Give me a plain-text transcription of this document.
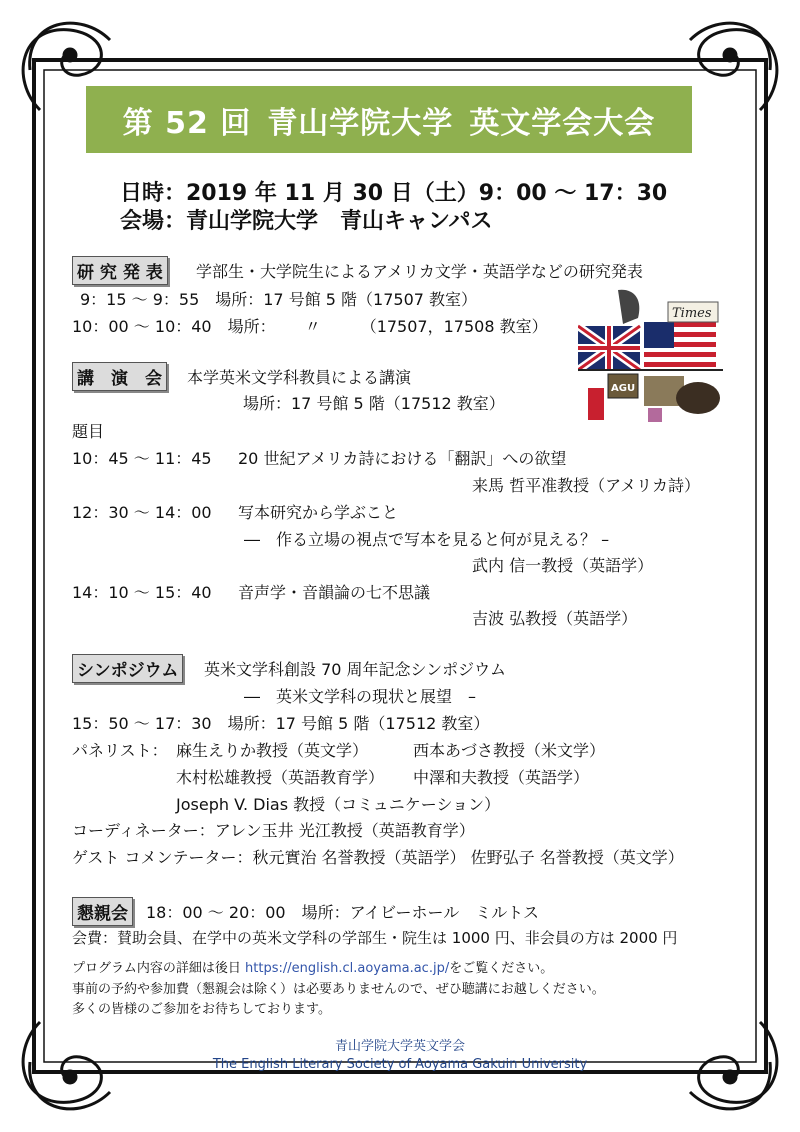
第 52 回 青山学院大学 英文学会大会
日時：2019 年 11 月 30 日（土）9：00 ～ 17：30
会場：青山学院大学　青山キャンパス
研 究 発 表	学部生・大学院生によるアメリカ文学・英語学などの研究発表
9：15 ～ 9：55　場所：17 号館 5 階（17507 教室）
10：00 ～ 10：40　場所：　　 〃　　　（17507，17508 教室）
Times
AGU
講　演　会	本学英米文学科教員による講演
場所：17 号館 5 階（17512 教室）
題目
10：45 ～ 11：45 20 世紀アメリカ詩における「翻訳」への欲望
来馬 哲平准教授（アメリカ詩）
12：30 ～ 14：00 写本研究から学ぶこと
―　作る立場の視点で写本を見ると何が見える？ –
武内 信一教授（英語学）
14：10 ～ 15：40 音声学・音韻論の七不思議
吉波 弘教授（英語学）
シンポジウム	英米文学科創設 70 周年記念シンポジウム
―　英米文学科の現状と展望　–
15：50 ～ 17：30　場所：17 号館 5 階（17512 教室）
パネリスト： 麻生えりか教授（英文学）	西本あづさ教授（米文学）
木村松雄教授（英語教育学） 中澤和夫教授（英語学）
Joseph V. Dias 教授（コミュニケーション）
コーディネーター：アレン玉井 光江教授（英語教育学）
ゲスト コメンテーター：秋元實治 名誉教授（英語学） 佐野弘子 名誉教授（英文学）
懇親会	18：00 ～ 20：00　場所：アイビーホール　ミルトス
会費：賛助会員、在学中の英米文学科の学部生・院生は 1000 円、非会員の方は 2000 円
プログラム内容の詳細は後日 https://english.cl.aoyama.ac.jp/をご覧ください。
事前の予約や参加費（懇親会は除く）は必要ありませんので、ぜひ聴講にお越しください。
多くの皆様のご参加をお待ちしております。
青山学院大学英文学会
The English Literary Society of Aoyama Gakuin University
